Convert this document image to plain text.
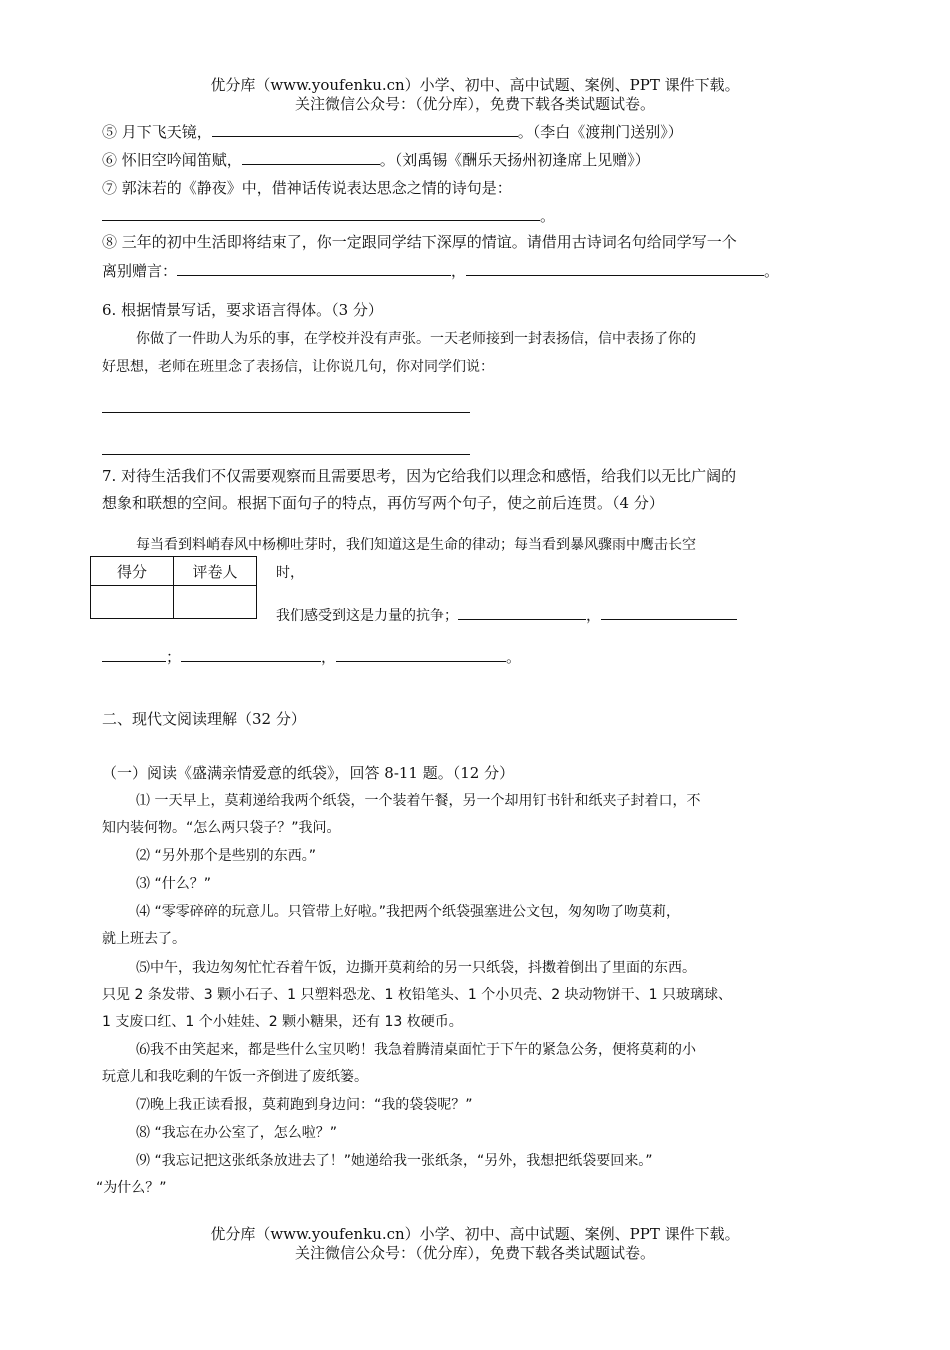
优分库（www.youfenku.cn）小学、初中、高中试题、案例、PPT 课件下载。
关注微信公众号：（优分库），免费下载各类试题试卷。
⑤ 月下飞天镜，	。（李白《渡荆门送别》）
⑥ 怀旧空吟闻笛赋，	。（刘禹锡《酬乐天扬州初逢席上见赠》）
⑦ 郭沫若的《静夜》中，借神话传说表达思念之情的诗句是：
。
⑧ 三年的初中生活即将结束了，你一定跟同学结下深厚的情谊。请借用古诗词名句给同学写一个
离别赠言：	，	。
6. 根据情景写话，要求语言得体。（3 分）
你做了一件助人为乐的事，在学校并没有声张。一天老师接到一封表扬信，信中表扬了你的
好思想，老师在班里念了表扬信，让你说几句，你对同学们说：
7. 对待生活我们不仅需要观察而且需要思考，因为它给我们以理念和感悟，给我们以无比广阔的
想象和联想的空间。根据下面句子的特点，再仿写两个句子，使之前后连贯。（4 分）
每当看到料峭春风中杨柳吐芽时，我们知道这是生命的律动；每当看到暴风骤雨中鹰击长空
得分	评卷人
		时，
我们感受到这是力量的抗争；	，
；	，	。
二、现代文阅读理解（32 分）
（一）阅读《盛满亲情爱意的纸袋》，回答 8-11 题。（12 分）
⑴ 一天早上，莫莉递给我两个纸袋，一个装着午餐，另一个却用钉书针和纸夹子封着口，不
知内装何物。“怎么两只袋子？”我问。
⑵ “另外那个是些别的东西。”
⑶ “什么？”
⑷ “零零碎碎的玩意儿。只管带上好啦。”我把两个纸袋强塞进公文包，匆匆吻了吻莫莉，
就上班去了。
⑸中午，我边匆匆忙忙吞着午饭，边撕开莫莉给的另一只纸袋，抖擞着倒出了里面的东西。
只见 2 条发带、3 颗小石子、1 只塑料恐龙、1 枚铅笔头、1 个小贝壳、2 块动物饼干、1 只玻璃球、
1 支废口红、1 个小娃娃、2 颗小糖果，还有 13 枚硬币。
⑹我不由笑起来，都是些什么宝贝哟！我急着腾清桌面忙于下午的紧急公务，便将莫莉的小
玩意儿和我吃剩的午饭一齐倒进了废纸篓。
⑺晚上我正读看报，莫莉跑到身边问：“我的袋袋呢？”
⑻ “我忘在办公室了，怎么啦？”
⑼ “我忘记把这张纸条放进去了！”她递给我一张纸条，“另外，我想把纸袋要回来。”
“为什么？”
优分库（www.youfenku.cn）小学、初中、高中试题、案例、PPT 课件下载。
关注微信公众号：（优分库），免费下载各类试题试卷。
